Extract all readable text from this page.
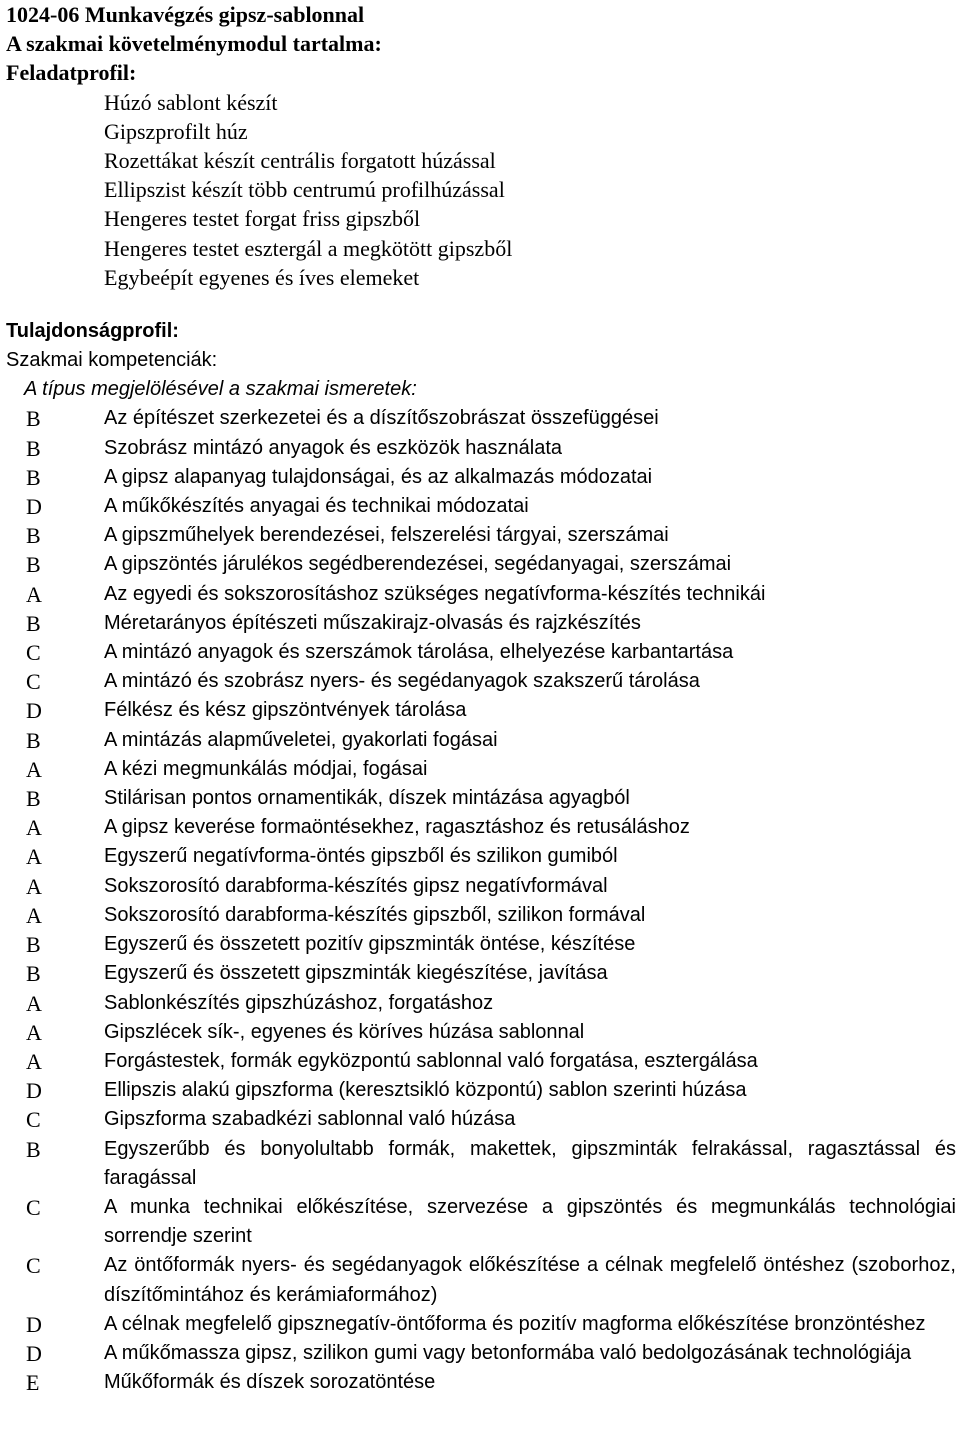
1024-06 Munkavégzés gipsz-sablonnal

A szakmai követelménymodul tartalma:

Feladatprofil:

Húzó sablont készít
Gipszprofilt húz
Rozettákat készít centrális forgatott húzással
Ellipszist készít több centrumú profilhúzással
Hengeres testet forgat friss gipszből
Hengeres testet esztergál a megkötött gipszből
Egybeépít egyenes és íves elemeket

Tulajdonságprofil:

Szakmai kompetenciák:

A típus megjelölésével a szakmai ismeretek:

B	Az építészet szerkezetei és a díszítőszobrászat összefüggései
B	Szobrász mintázó anyagok és eszközök használata
B	A gipsz alapanyag tulajdonságai, és az alkalmazás módozatai
D	A műkőkészítés anyagai és technikai módozatai
B	A gipszműhelyek berendezései, felszerelési tárgyai, szerszámai
B	A gipszöntés járulékos segédberendezései, segédanyagai, szerszámai
A	Az egyedi és sokszorosításhoz szükséges negatívforma-készítés technikái
B	Méretarányos építészeti műszakirajz-olvasás és rajzkészítés
C	A mintázó anyagok és szerszámok tárolása, elhelyezése karbantartása
C	A mintázó és szobrász nyers- és segédanyagok szakszerű tárolása
D	Félkész és kész gipszöntvények tárolása
B	A mintázás alapműveletei, gyakorlati fogásai
A	A kézi megmunkálás módjai, fogásai
B	Stilárisan pontos ornamentikák, díszek mintázása agyagból
A	A gipsz keverése formaöntésekhez, ragasztáshoz és retusáláshoz
A	Egyszerű negatívforma-öntés gipszből és szilikon gumiból
A	Sokszorosító darabforma-készítés gipsz negatívformával
A	Sokszorosító darabforma-készítés gipszből, szilikon formával
B	Egyszerű és összetett pozitív gipszminták öntése, készítése
B	Egyszerű és összetett gipszminták kiegészítése, javítása
A	Sablonkészítés gipszhúzáshoz, forgatáshoz
A	Gipszlécek sík-, egyenes és köríves húzása sablonnal
A	Forgástestek, formák egyközpontú sablonnal való forgatása, esztergálása
D	Ellipszis alakú gipszforma (keresztsikló központú) sablon szerinti húzása
C	Gipszforma szabadkézi sablonnal való húzása
B	Egyszerűbb és bonyolultabb formák, makettek, gipszminták felrakással, ragasztással és faragással
C	A munka technikai előkészítése, szervezése a gipszöntés és megmunkálás technológiai sorrendje szerint
C	Az öntőformák nyers- és segédanyagok előkészítése a célnak megfelelő öntéshez (szoborhoz, díszítőmintához és kerámiaformához)
D	A célnak megfelelő gipsznegatív-öntőforma és pozitív magforma előkészítése bronzöntéshez
D	A műkőmassza gipsz, szilikon gumi vagy betonformába való bedolgozásának technológiája
E	Műkőformák és díszek sorozatöntése
